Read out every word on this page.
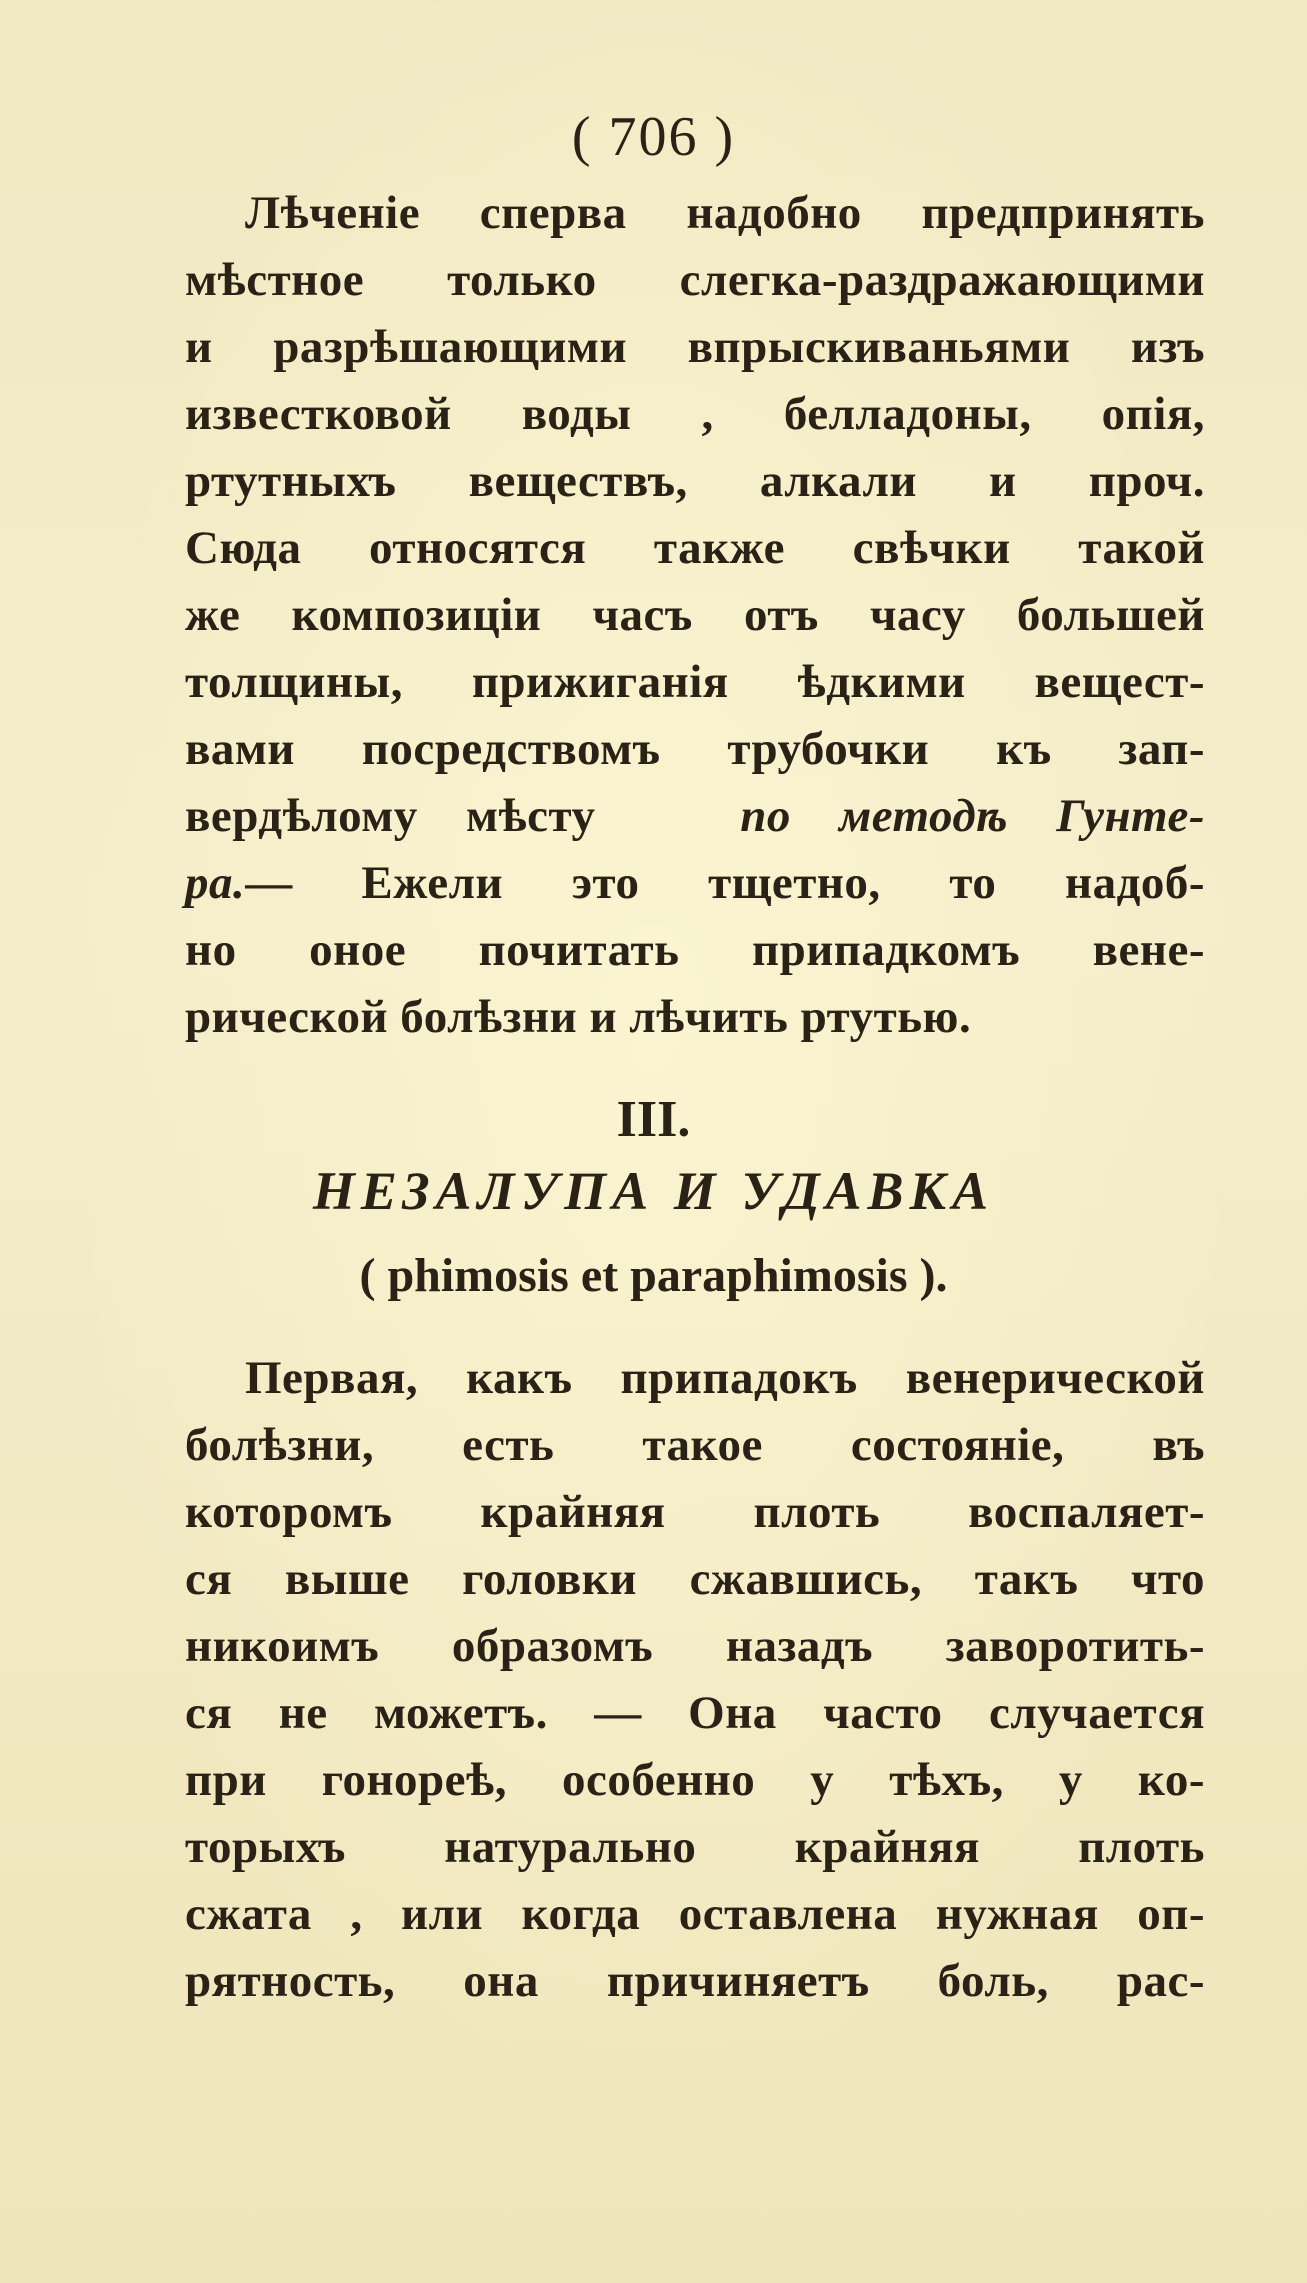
( 706 )
Лѣченіе сперва надобно предпринять
мѣстное только слегка-раздражающими
и разрѣшающими впрыскиваньями изъ
известковой воды , белладоны, опія,
ртутныхъ веществъ, алкали и проч.
Сюда относятся также свѣчки такой
же композиціи часъ отъ часу большей
толщины, прижиганія ѣдкими вещест-
вами посредствомъ трубочки къ зап-
вердѣлому мѣсту	по методѣ Гунте-
ра.— Ежели это тщетно, то надоб-
но оное почитать припадкомъ вене-
рической болѣзни и лѣчить ртутью.
III.
НЕЗАЛУПА И УДАВКА
( phimosis et paraphimosis ).
Первая, какъ припадокъ венерической
болѣзни, есть такое состояніе, въ
которомъ крайняя плоть воспаляет-
ся выше головки сжавшись, такъ что
никоимъ образомъ назадъ заворотить-
ся не можетъ. — Она часто случается
при гонореѣ, особенно у тѣхъ, у ко-
торыхъ натурально крайняя плоть
сжата , или когда оставлена нужная оп-
рятность, она причиняетъ боль, рас-
